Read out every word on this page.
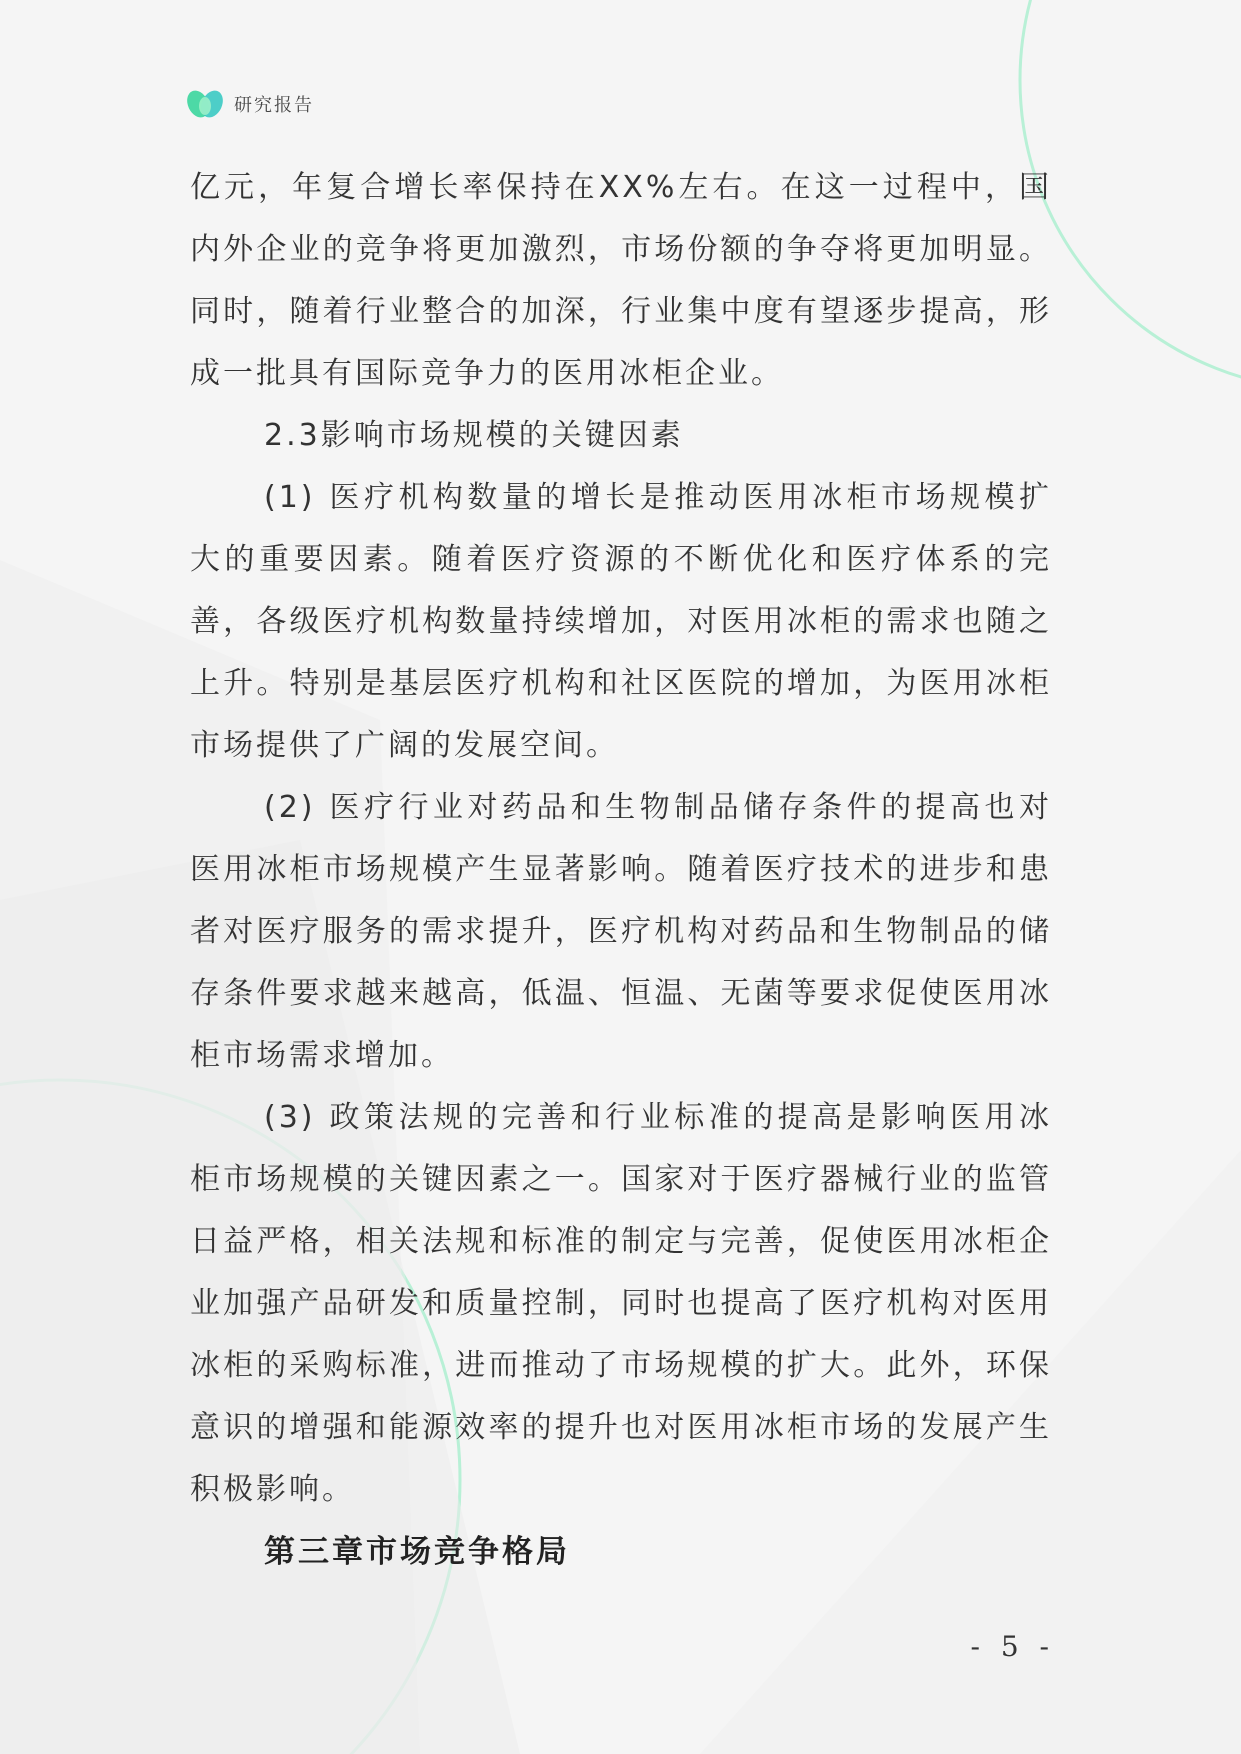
研究报告

亿元，年复合增长率保持在XX%左右。在这一过程中，国内外企业的竞争将更加激烈，市场份额的争夺将更加明显。同时，随着行业整合的加深，行业集中度有望逐步提高，形成一批具有国际竞争力的医用冰柜企业。

2.3影响市场规模的关键因素

(1) 医疗机构数量的增长是推动医用冰柜市场规模扩大的重要因素。随着医疗资源的不断优化和医疗体系的完善，各级医疗机构数量持续增加，对医用冰柜的需求也随之上升。特别是基层医疗机构和社区医院的增加，为医用冰柜市场提供了广阔的发展空间。

(2) 医疗行业对药品和生物制品储存条件的提高也对医用冰柜市场规模产生显著影响。随着医疗技术的进步和患者对医疗服务的需求提升，医疗机构对药品和生物制品的储存条件要求越来越高，低温、恒温、无菌等要求促使医用冰柜市场需求增加。

(3) 政策法规的完善和行业标准的提高是影响医用冰柜市场规模的关键因素之一。国家对于医疗器械行业的监管日益严格，相关法规和标准的制定与完善，促使医用冰柜企业加强产品研发和质量控制，同时也提高了医疗机构对医用冰柜的采购标准，进而推动了市场规模的扩大。此外，环保意识的增强和能源效率的提升也对医用冰柜市场的发展产生积极影响。

第三章市场竞争格局

- 5 -
